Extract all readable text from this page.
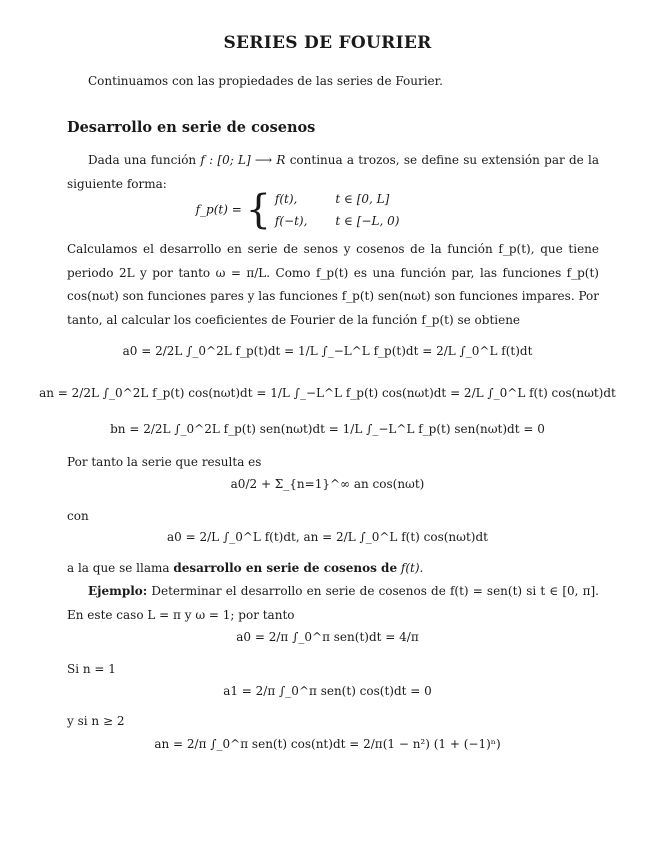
SERIES DE FOURIER
Continuamos con las propiedades de las series de Fourier.
Desarrollo en serie de cosenos
Dada una función f : [0; L] ⟶ R continua a trozos, se define su extensión par de la siguiente forma:
f_p(t) = { f(t),	t ∈ [0, L]
f(−t), t ∈ [−L, 0)
Calculamos el desarrollo en serie de senos y cosenos de la función f_p(t), que tiene periodo 2L y por tanto ω = π/L. Como f_p(t) es una función par, las funciones f_p(t) cos(nωt) son funciones pares y las funciones f_p(t) sen(nωt) son funciones impares. Por tanto, al calcular los coeficientes de Fourier de la función f_p(t) se obtiene
a0 = 2/2L ∫_0^2L f_p(t)dt = 1/L ∫_−L^L f_p(t)dt = 2/L ∫_0^L f(t)dt
an = 2/2L ∫_0^2L f_p(t) cos(nωt)dt = 1/L ∫_−L^L f_p(t) cos(nωt)dt = 2/L ∫_0^L f(t) cos(nωt)dt
bn = 2/2L ∫_0^2L f_p(t) sen(nωt)dt = 1/L ∫_−L^L f_p(t) sen(nωt)dt = 0
Por tanto la serie que resulta es
a0/2 + Σ_{n=1}^∞ an cos(nωt)
con
a0 = 2/L ∫_0^L f(t)dt, an = 2/L ∫_0^L f(t) cos(nωt)dt
a la que se llama desarrollo en serie de cosenos de f(t).
Ejemplo: Determinar el desarrollo en serie de cosenos de f(t) = sen(t) si t ∈ [0, π]. En este caso L = π y ω = 1; por tanto
a0 = 2/π ∫_0^π sen(t)dt = 4/π
Si n = 1
a1 = 2/π ∫_0^π sen(t) cos(t)dt = 0
y si n ≥ 2
an = 2/π ∫_0^π sen(t) cos(nt)dt = 2/π(1 − n²) (1 + (−1)ⁿ)
